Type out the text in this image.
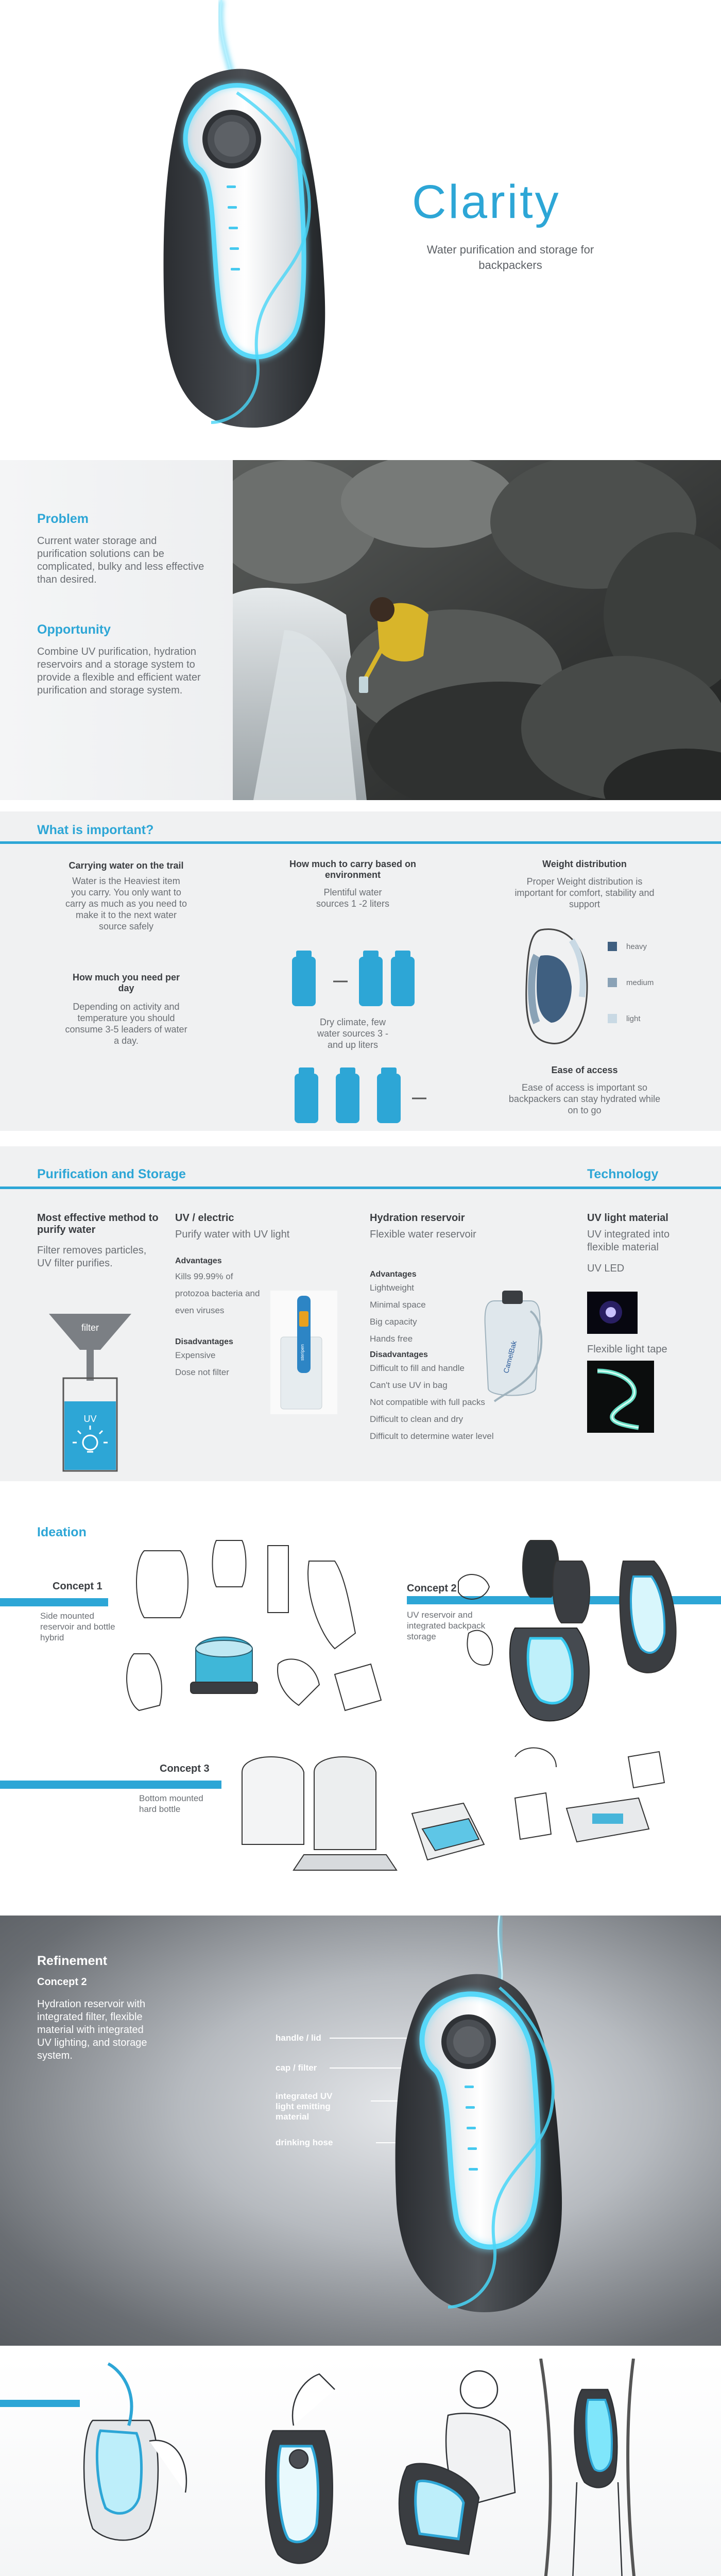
Clarity
Water purification and storage for backpackers
Problem
Current water storage and purification solutions can be complicated, bulky and less effective than desired.
Opportunity
Combine UV purification, hydration reservoirs and a storage system to provide a flexible and efficient water purification and storage system.
What is important?
Carrying water on the trail
Water is the Heaviest item you carry. You only want to carry as much as you need to make it to the next water source safely
How much you need per day
Depending on activity and temperature you should consume 3-5 leaders of water a day.
How much to carry based on environment
Plentiful water sources 1 -2 liters
Dry climate, few water sources 3 - and up liters
Weight distribution
Proper Weight distribution is important for comfort, stability and support
heavy
medium
light
Ease of access
Ease of access is important so backpackers can stay hydrated while on to go
Purification and Storage	Technology
Most effective method to purify water
Filter removes particles, UV filter purifies.
filter
UV
UV / electric
Purify water with UV light
Advantages
Kills 99.99% of protozoa bacteria and even viruses
Disadvantages
Expensive
Dose not filter
steripen
Hydration reservoir
Flexible water reservoir
Advantages
Lightweight
Minimal space
Big capacity
Hands free
Disadvantages
Difficult to fill and handle
Can't use UV in bag
Not compatible with full packs
Difficult to clean and dry
Difficult to determine water level
CamelBak
UV light material
UV integrated into flexible material
UV LED
Flexible light tape
Ideation
Concept 1
Side mounted reservoir and bottle hybrid
Concept 2
UV reservoir and integrated backpack storage
Concept 3
Bottom mounted hard bottle
Refinement
Concept 2
Hydration reservoir with integrated filter, flexible material with integrated UV lighting, and storage system.
handle / lid
cap / filter
integrated UV light emitting material
drinking hose
